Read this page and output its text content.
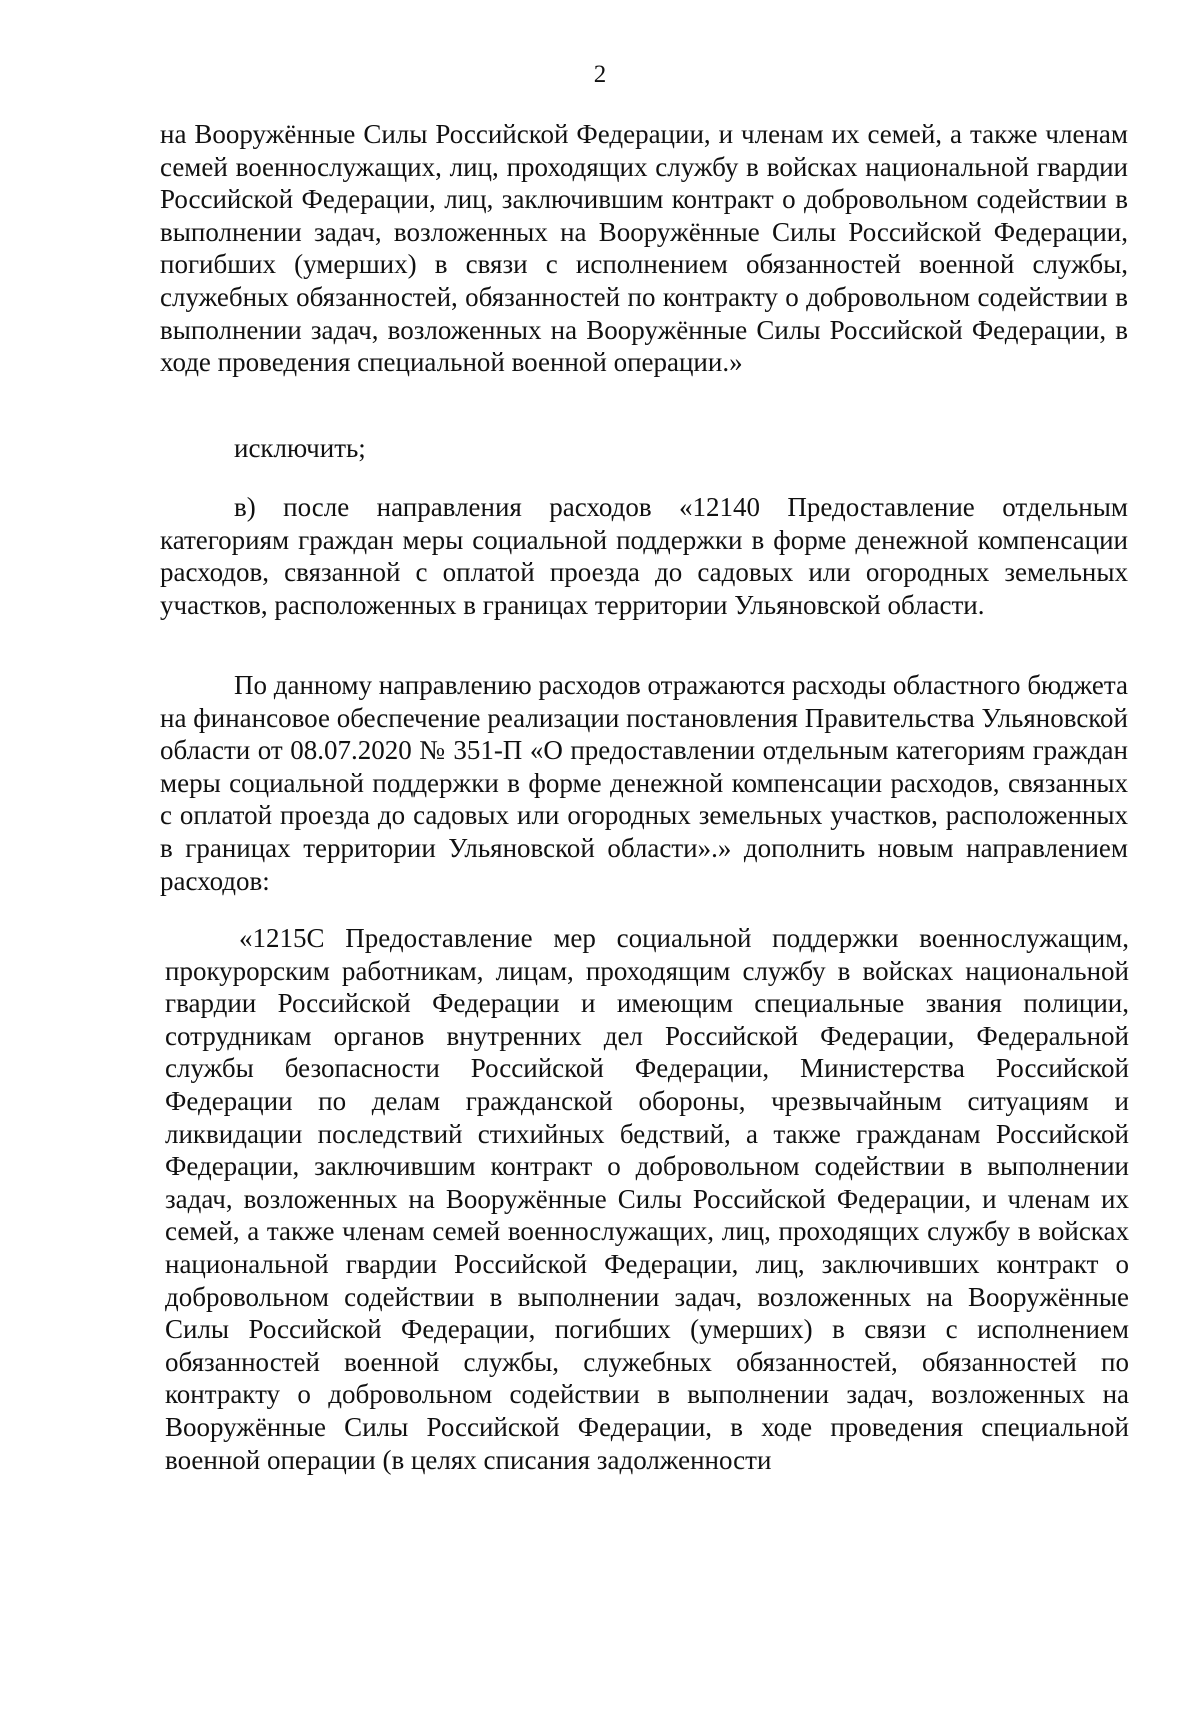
2

на Вооружённые Силы Российской Федерации, и членам их семей, а также членам семей военнослужащих, лиц, проходящих службу в войсках национальной гвардии Российской Федерации, лиц, заключившим контракт о добровольном содействии в выполнении задач, возложенных на Вооружённые Силы Российской Федерации, погибших (умерших) в связи с исполнением обязанностей военной службы, служебных обязанностей, обязанностей по контракту о добровольном содействии в выполнении задач, возложенных на Вооружённые Силы Российской Федерации, в ходе проведения специальной военной операции.»

исключить;

в) после направления расходов «12140 Предоставление отдельным категориям граждан меры социальной поддержки в форме денежной компенсации расходов, связанной с оплатой проезда до садовых или огородных земельных участков, расположенных в границах территории Ульяновской области.

По данному направлению расходов отражаются расходы областного бюджета на финансовое обеспечение реализации постановления Правительства Ульяновской области от 08.07.2020 № 351-П «О предоставлении отдельным категориям граждан меры социальной поддержки в форме денежной компенсации расходов, связанных с оплатой проезда до садовых или огородных земельных участков, расположенных в границах территории Ульяновской области».» дополнить новым направлением расходов:

«1215С Предоставление мер социальной поддержки военнослужащим, прокурорским работникам, лицам, проходящим службу в войсках национальной гвардии Российской Федерации и имеющим специальные звания полиции, сотрудникам органов внутренних дел Российской Федерации, Федеральной службы безопасности Российской Федерации, Министерства Российской Федерации по делам гражданской обороны, чрезвычайным ситуациям и ликвидации последствий стихийных бедствий, а также гражданам Российской Федерации, заключившим контракт о добровольном содействии в выполнении задач, возложенных на Вооружённые Силы Российской Федерации, и членам их семей, а также членам семей военнослужащих, лиц, проходящих службу в войсках национальной гвардии Российской Федерации, лиц, заключивших контракт о добровольном содействии в выполнении задач, возложенных на Вооружённые Силы Российской Федерации, погибших (умерших) в связи с исполнением обязанностей военной службы, служебных обязанностей, обязанностей по контракту о добровольном содействии в выполнении задач, возложенных на Вооружённые Силы Российской Федерации, в ходе проведения специальной военной операции (в целях списания задолженности
